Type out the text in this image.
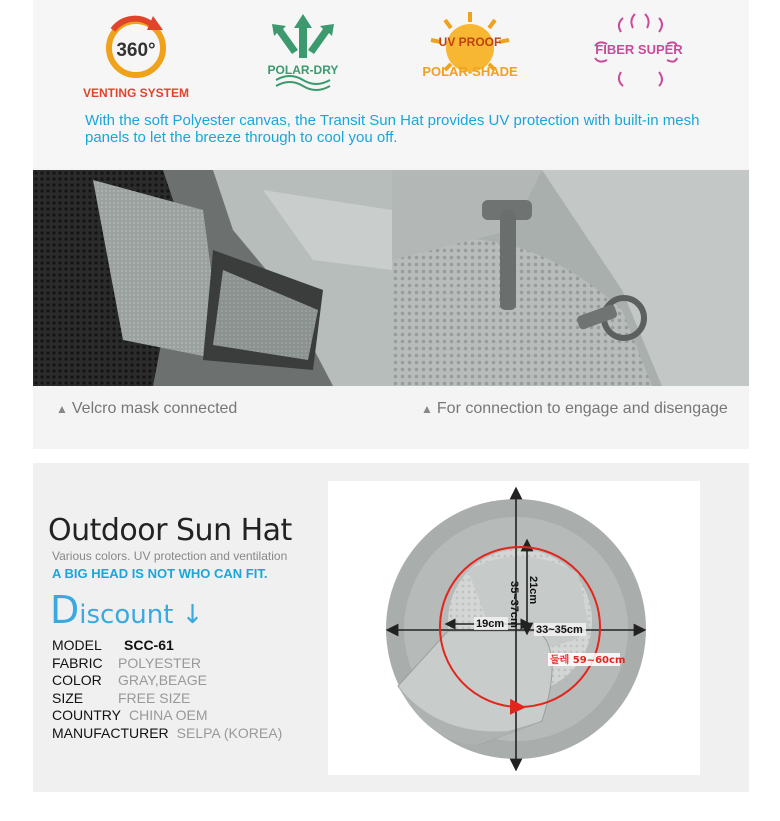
360°
VENTING SYSTEM
POLAR-DRY
UV PROOF
POLAR-SHADE
FIBER SUPER
With the soft Polyester canvas, the Transit Sun Hat provides UV protection with built-in mesh panels to let the breeze through to cool you off.
▲ Velcro mask connected	▲ For connection to engage and disengage
Outdoor Sun Hat
Various colors. UV protection and ventilation
A BIG HEAD IS NOT WHO CAN FIT.
Discount ↓
MODEL SCC-61
FABRIC POLYESTER
COLOR GRAY,BEAGE
SIZE FREE SIZE
COUNTRY CHINA OEM
MANUFACTURER SELPA (KOREA)
35~37cm 21cm
19cm	33~35cm
둘레 59~60cm
